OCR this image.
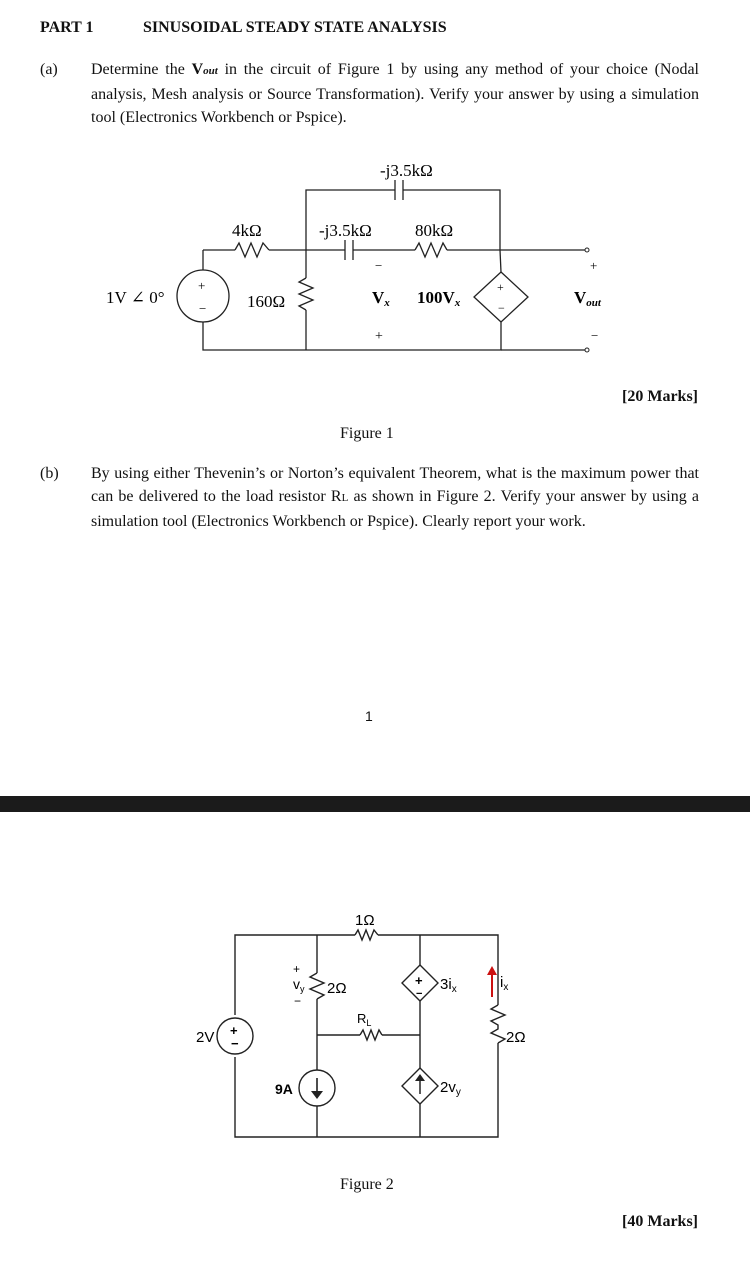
PART 1	SINUSOIDAL STEADY STATE ANALYSIS
(a) Determine the Vout in the circuit of Figure 1 by using any method of your choice (Nodal analysis, Mesh analysis or Source Transformation). Verify your answer by using a simulation tool (Electronics Workbench or Pspice).
-j3.5kΩ
4kΩ	-j3.5kΩ	80kΩ
1V ∠ 0°	160Ω
+
−
−
Vx
+
100Vx
+
−
+
Vout
−
[20 Marks]
Figure 1
(b) By using either Thevenin’s or Norton’s equivalent Theorem, what is the maximum power that can be delivered to the load resistor RL as shown in Figure 2. Verify your answer by using a simulation tool (Electronics Workbench or Pspice). Clearly report your work.
1
1Ω
2Ω
$R_L$
2Ω
2V +
−
9A
+
$v_y$
−
+
−
$3i_x$
$2v_y$
$i_x$
Figure 2
[40 Marks]
